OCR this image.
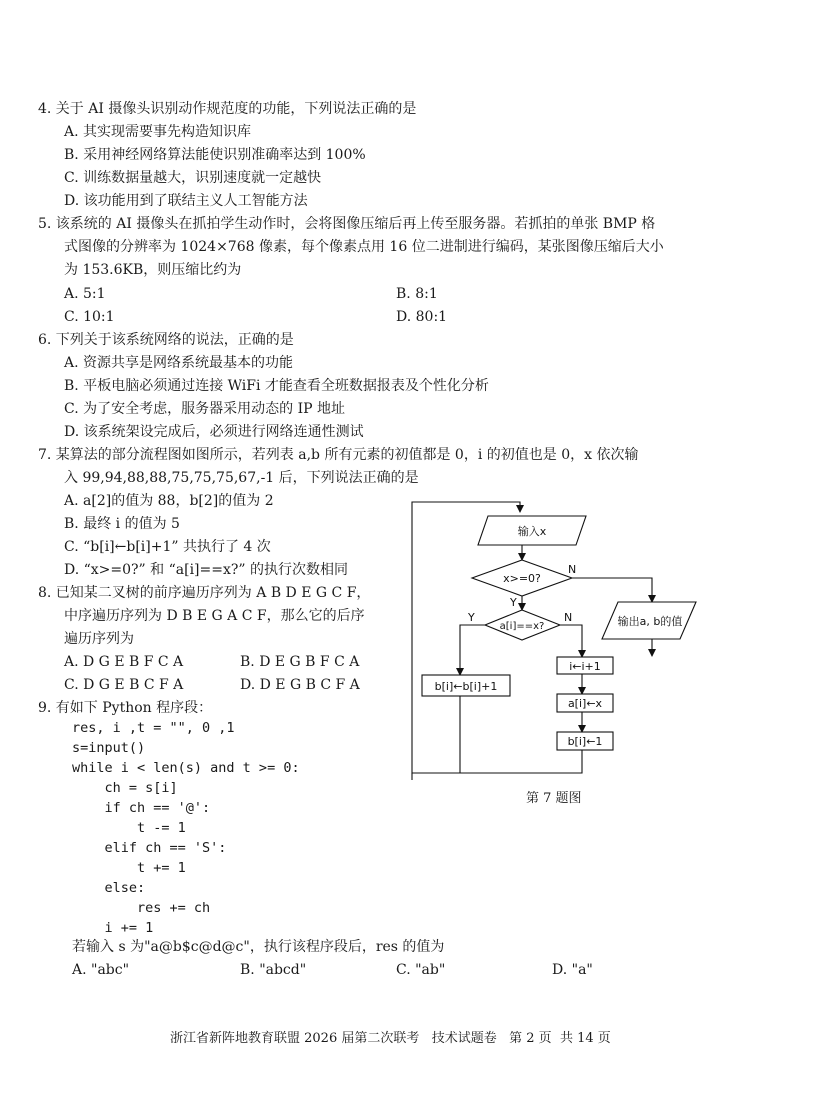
4. 关于 AI 摄像头识别动作规范度的功能，下列说法正确的是
A. 其实现需要事先构造知识库
B. 采用神经网络算法能使识别准确率达到 100%
C. 训练数据量越大，识别速度就一定越快
D. 该功能用到了联结主义人工智能方法
5. 该系统的 AI 摄像头在抓拍学生动作时，会将图像压缩后再上传至服务器。若抓拍的单张 BMP 格
式图像的分辨率为 1024×768 像素，每个像素点用 16 位二进制进行编码，某张图像压缩后大小
为 153.6KB，则压缩比约为
A. 5:1	B. 8:1
C. 10:1	D. 80:1
6. 下列关于该系统网络的说法，正确的是
A. 资源共享是网络系统最基本的功能
B. 平板电脑必须通过连接 WiFi 才能查看全班数据报表及个性化分析
C. 为了安全考虑，服务器采用动态的 IP 地址
D. 该系统架设完成后，必须进行网络连通性测试
7. 某算法的部分流程图如图所示，若列表 a,b 所有元素的初值都是 0，i 的初值也是 0，x 依次输
入 99,94,88,88,75,75,75,67,-1 后，下列说法正确的是
A. a[2]的值为 88，b[2]的值为 2
B. 最终 i 的值为 5
C. “b[i]←b[i]+1” 共执行了 4 次
D. “x>=0?” 和 “a[i]==x?” 的执行次数相同
8. 已知某二叉树的前序遍历序列为 A B D E G C F，
中序遍历序列为 D B E G A C F，那么它的后序
遍历序列为
A. D G E B F C A	B. D E G B F C A
C. D G E B C F A	D. D E G B C F A
9. 有如下 Python 程序段：
res, i ,t = "", 0 ,1
s=input()
while i < len(s) and t >= 0:
ch = s[i]
if ch == '@':
t -= 1
elif ch == 'S':
t += 1
else:
res += ch
i += 1
若输入 s 为"a@b$c@d@c"，执行该程序段后，res 的值为
A. "abc"	B. "abcd"	C. "ab"	D. "a"
输入x
x>=0?
N
Y
输出a, b的值
a[i]==x?
Y	N
b[i]←b[i]+1
i←i+1
a[i]←x
b[i]←1
第 7 题图
浙江省新阵地教育联盟 2026 届第二次联考   技术试题卷   第 2 页  共 14 页
